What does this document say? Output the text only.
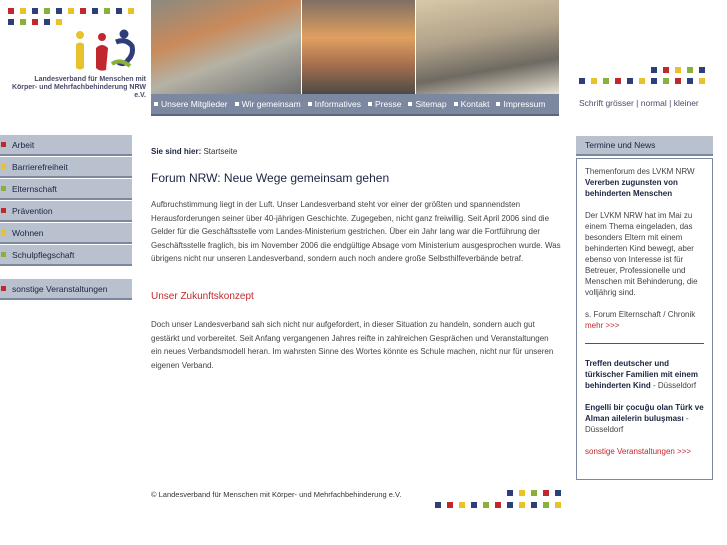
Landesverband für Menschen mit
Körper- und Mehrfachbehinderung NRW e.V.
Unsere Mitglieder Wir gemeinsam Informatives Presse Sitemap Kontakt Impressum	Schrift grösser | normal | kleiner
Arbeit
Barrierefreiheit
Elternschaft
Prävention
Wohnen
Schulpflegschaft
sonstige Veranstaltungen
Sie sind hier: Startseite
Forum NRW: Neue Wege gemeinsam gehen
Aufbruchstimmung liegt in der Luft. Unser Landesverband steht vor einer der größten und spannendsten Herausforderungen seiner über 40-jährigen Geschichte. Zugegeben, nicht ganz freiwillig. Seit April 2006 sind die Gelder für die Geschäftsstelle vom Landes-Ministerium gestrichen. Über ein Jahr lang war die Fortführung der Geschäftsstelle fraglich, bis im November 2006 die endgültige Absage vom Ministerium ausgesprochen wurde. Was übrigens nicht nur unseren Landesverband, sondern auch noch andere große Selbsthilfeverbände betraf.
Unser Zukunftskonzept
Doch unser Landesverband sah sich nicht nur aufgefordert, in dieser Situation zu handeln, sondern auch gut gestärkt und vorbereitet. Seit Anfang vergangenen Jahres reifte in zahlreichen Gesprächen und Veranstaltungen ein neues Verbandsmodell heran. Im wahrsten Sinne des Wortes könnte es Schule machen, nicht nur für unseren eigenen Verband.
© Landesverband für Menschen mit Körper- und Mehrfachbehinderung e.V.
Termine und News

Themenforum des LVKM NRW

Vererben zugunsten von behinderten Menschen

Der LVKM NRW hat im Mai zu einem Thema eingeladen, das besonders Eltern mit einem behinderten Kind bewegt, aber ebenso von Interesse ist für Betreuer, Professionelle und Menschen mit Behinderung, die volljährig sind.

s. Forum Elternschaft / Chronik

mehr >>>

Treffen deutscher und türkischer Familien mit einem behinderten Kind - Düsseldorf

Engelli bir çocuğu olan Türk ve Alman ailelerin buluşması - Düsseldorf

sonstige Veranstaltungen >>>
